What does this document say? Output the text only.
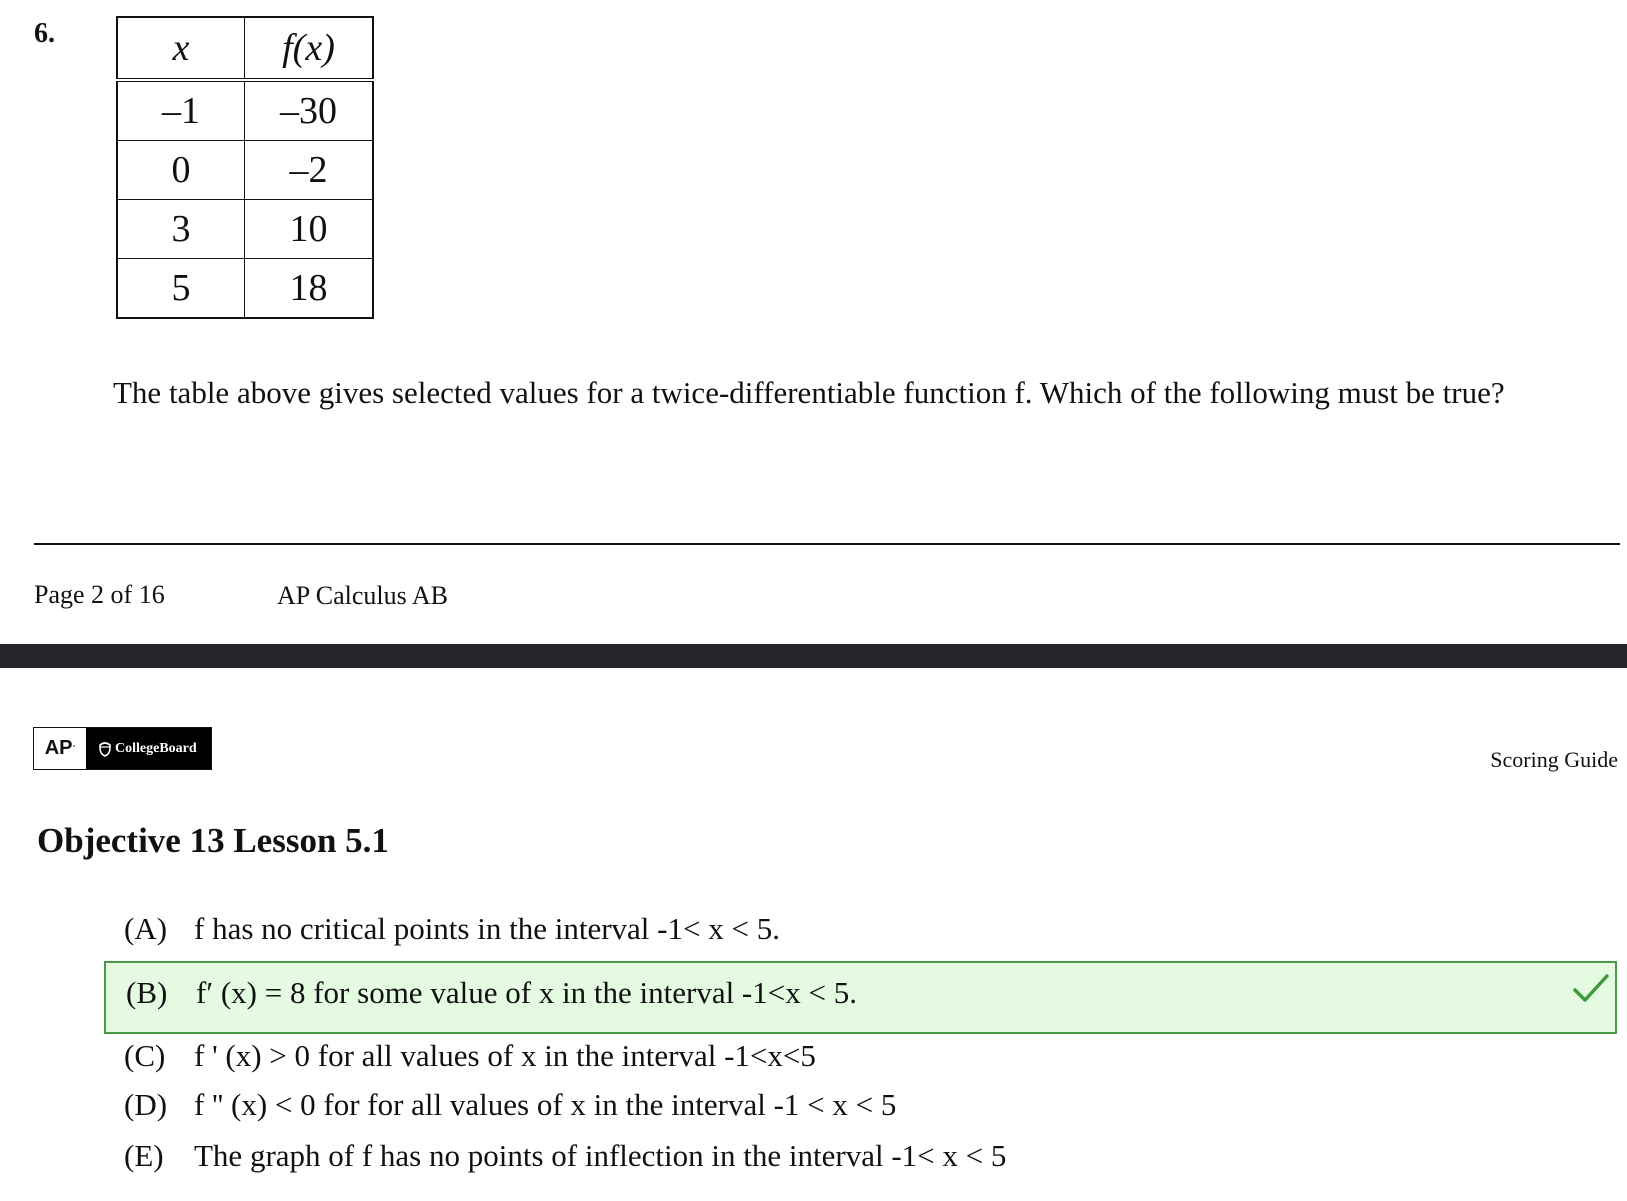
6.	x	f(x)
–1	–30
0	–2
3	10
5	18
The table above gives selected values for a twice-differentiable function f. Which of the following must be true?
Page 2 of 16	AP Calculus AB
AP °	CollegeBoard	Scoring Guide
Objective 13 Lesson 5.1
(A) f has no critical points in the interval -1< x < 5.
(B) f′ (x) = 8 for some value of x in the interval -1<x < 5.
(C) f ' (x) > 0 for all values of x in the interval -1<x<5
(D) f '' (x) < 0 for for all values of x in the interval -1 < x < 5
(E) The graph of f has no points of inflection in the interval -1< x < 5
